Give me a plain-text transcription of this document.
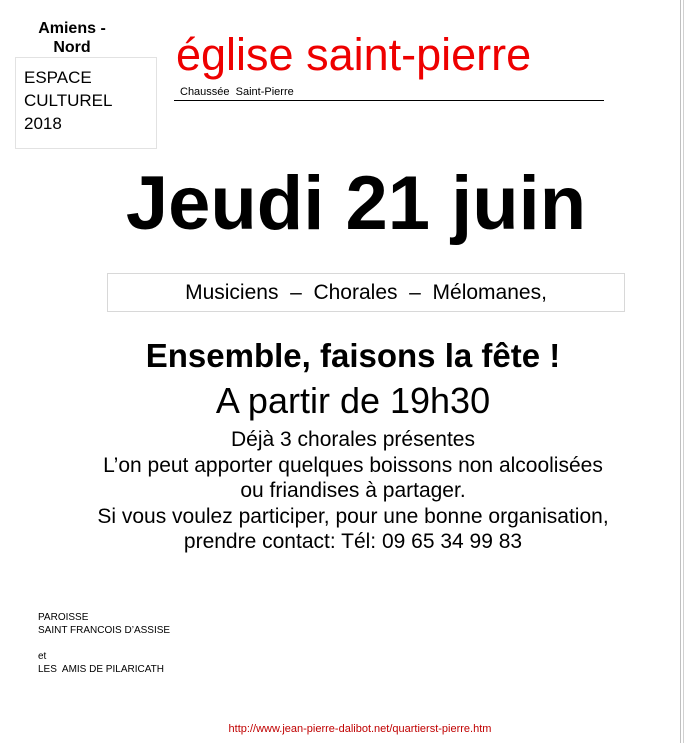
Amiens -
Nord
ESPACE
CULTUREL
2018
église saint-pierre
Chaussée  Saint-Pierre
Jeudi 21 juin
Musiciens  –  Chorales  –  Mélomanes,
Ensemble, faisons la fête !
A partir de 19h30
Déjà 3 chorales présentes
L’on peut apporter quelques boissons non alcoolisées
ou friandises à partager.
Si vous voulez participer, pour une bonne organisation,
prendre contact: Tél: 09 65 34 99 83
PAROISSE
SAINT FRANCOIS D’ASSISE
et
LES  AMIS DE PILARICATH
http://www.jean-pierre-dalibot.net/quartierst-pierre.htm
